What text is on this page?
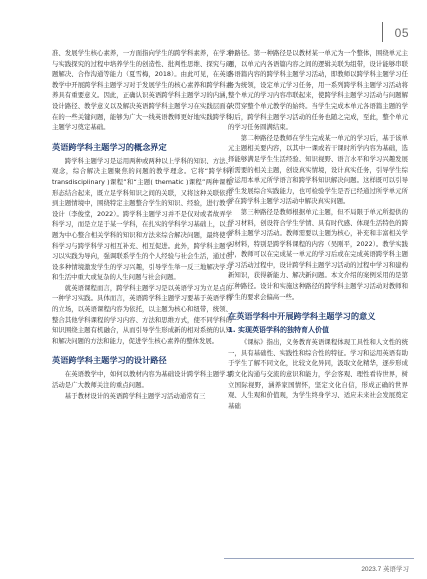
05

准、发展学生核心素养，一方面指向学生的跨学科素养，在学习与实践探究的过程中培养学生的创造性、批判性思维、探究与问题解决、合作沟通等能力（夏雪梅，2018）。由此可见，在英语教学中开展跨学科主题学习对于发展学生的核心素养和跨学科素养具有重要意义。因此，正确认识英语跨学科主题学习的内涵，设计路径、教学意义以及解决英语跨学科主题学习在实践层面存在的一些关键问题，能够为广大一线英语教师更好地实践跨学科主题学习奠定基础。

英语跨学科主题学习的概念界定

跨学科主题学习是运用两种或两种以上学科的知识、方法、观念，综合解决主题聚焦的问题的教学理念。它将“跨学科( transdisciplinary )课程”和“主题( thematic )课程”两种课程形态结合起来，既立足学科知识之间的关联，又将这种关联依托到主题情境中，围绕特定主题整合学生的知识、经验，进行教学设计（李俊堂，2022）。跨学科主题学习并不是仅对或者故弄学科学习，而是立足于某一学科，在扎实的学科学习基础上，以主题为中心整合相关学科的知识和方法来综合解决问题，最终使学科学习与跨学科学习相互补充、相互促进。此外，跨学科主题学习以实践为导向，强调联系学生的个人经验与社会生活，通过创设多种情境激发学生的学习兴趣，引导学生举一反三地解决学习和生活中重大或复杂的人生问题与社会问题。

就英语课程而言，跨学科主题学习是以英语学习为立足点的一种学习实践。具体而言，英语跨学科主题学习要基于英语学科的立场，以英语课程内容为依托，以主题为核心和纽带，统领、整合其他学科课程的学习内容、方法和思维方式，使不同学科的知识围绕主题有机融合，从而引导学生形成新的相对系统的认知和解决问题的方法和能力，促进学生核心素养的整体发展。

英语跨学科主题学习的设计路径

在英语教学中，如何以教材内容为基础设计跨学科主题学习活动是广大教师关注的重点问题。

基于教材设计的英语跨学科主题学习活动通常有三

种路径。第一种路径是以教材某一单元为一个整体，围绕单元主题，以单元内各语篇内容之间的逻辑关联为组带，设计能够串联各语篇内容的跨学科主题学习活动，即教师以跨学科主题学习任务为统领，设定单元学习任务，用一系列跨学科主题学习活动将整个单元的学习内容串联起来，使跨学科主题学习活动与问题解决贯穿整个单元教学的始终。当学生完成本单元各语篇主题的学习后，跨学科主题学习活动的任务也随之完成，至此，整个单元的学习任务圆满结束。

第二种路径是教师在学生完成某一单元的学习后，基于该单元主题相关要内容，以其中一课或若干课时所学内容为基础，选择能够满足学生生活经验、知识视野、语言水平和学习兴趣发展所需要的相关主题，创设真实情境，设计真实任务，引导学生综合运用本单元所学语言和跨学科知识解决问题。这样既可以引导学生发展综合实践能力，也可检验学生是否已经通过所学单元所学在跨学科主题学习活动中解决真实问题。

第三种路径是教师根据单元主题，但不局限于单元所提供的学习材料，创设符合学生学情、具有时代感、体现生活特色的跨学科主题学习活动。教师需要以主题为核心，补充和丰富相关学习材料，特别是跨学科课程的内容（吴刚平，2022）。教学实践中，教师可以在完成某一单元的学习后或在完成英语跨学科主题学习活动过程中，设计跨学科主题学习活动的过程中学习和建构新知识，获得新能力、解决新问题。本文介绍的案例采用的是第三种路径。设计和实施这种路径的跨学科主题学习活动对教师和学生的要求会偏高一些。

在英语学科中开展跨学科主题学习的意义
1. 实现英语学科的独特育人价值

《课标》指出，义务教育英语课程体现工具性和人文性的统一，具有基础性、实践性和综合性的特征。学习和运用英语有助于学生了解不同文化，比较文化异同，汲取文化精华，逐步形成跨文化沟通与交流的意识和能力，学会客观、理性看待世界，树立国际视野，涵养家国情怀，坚定文化自信，形成正确的世界观、人生观和价值观，为学生终身学习、适应未来社会发展奠定基础

2023.7 英语学习
